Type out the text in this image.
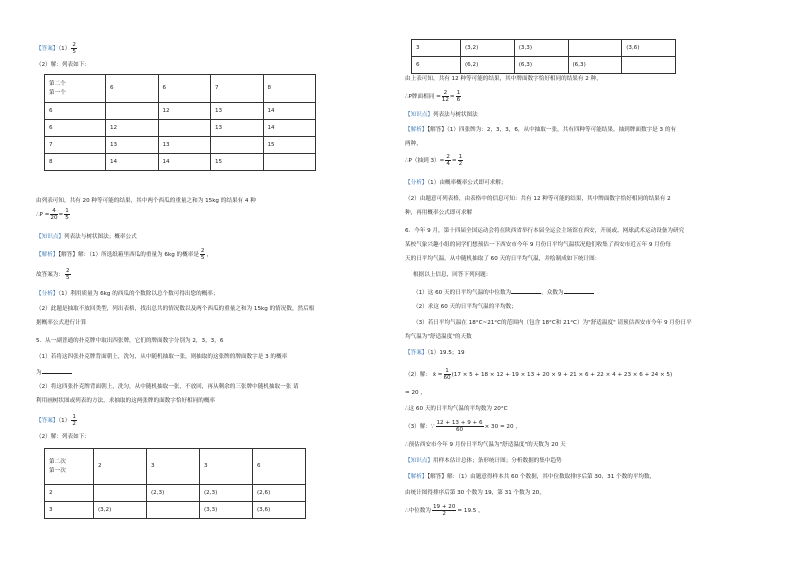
【答案】$(1) \frac{2}{5}$
（2）解：列表如下：
第二个
第一个	6	6	7	8
6		12	13	14
6	12		13	14
7	13	13		15
8	14	14	15	
由列表可知，共有 20 种等可能的结果，其中两个西瓜的重量之和为 15kg 的结果有 4 种
∴P = $\frac{4}{20} = \frac{1}{5}$
【知识点】列表法与树状图法；概率公式
【解析】【解答】解：（1）所选纸箱里西瓜的重量为 6kg 的概率是 $\frac{2}{5}$ ，
故答案为： $\frac{2}{5}$
【分析】（1）利用质量为 6kg 的西瓜的个数除以总个数可得出您的概率；
（2）此题是抽取不放回类型，列出表格，找出总共的情况数以及两个西瓜的重量之和为 15kg 的情况数，然后根
据概率公式进行计算
5．从一副普通的扑克牌中取出四张牌，它们的牌面数字分别为 2，3，3，6
（1）若将这四张扑克牌背面朝上，洗匀，从中随机抽取一张，则抽取的这张牌的牌面数字是 3 的概率
为
（2）将这四张扑克牌背面朝上，洗匀，从中随机抽取一张，不放回，再从剩余的三张牌中随机抽取一张 请
利用画树状图或列表的方法，求抽取的这两张牌的面数字恰好相同的概率
【答案】$(1) \frac{1}{2}$
（2）解：列表如下：
第二次
第一次	2	3	3	6
2		(2,3)	(2,3)	(2,6)
3	(3,2)		(3,3)	(3,6)
3	(3,2)	(3,3)		(3,6)
6	(6,2)	(6,3)	(6,3)	
由上表可知，共有 12 种等可能的结果，其中牌面数字恰好相同的结果有 2 种，
∴P牌面相同 = $\frac{2}{12} = \frac{1}{6}$
【知识点】列表法与树状图法
【解析】【解答】（1）四张牌为：2，3，3，6，从中抽取一张，共有四种等可能结果，抽到牌面数字是 3 的有
两种，
∴P（抽到 $3)= \frac{2}{4} = \frac{1}{2}$
【分析】（1）由概率概率公式即可求解；
（2）由题意可列表格，由表格中的信息可知：共有 12 种等可能的结果，其中牌面数字恰好相同的结果有 2
种，再用概率公式即可求解
6．今年 9 月，第十四届全国运动会将在陕西省举行本届全运会主场馆在西安，开展或、网球武术运动设备为研究
某校气象兴趣小组的同学们想预估一下西安市今年 9 月份日平均气温状况他们收集了西安市近五年 9 月份每
天的日平均气温，从中随机抽取了 60 天的日平均气温，并绘制成如下统计图：
根据以上信息，回答下列问题：
（1）这 60 天的日平均气温的中位数为	，众数为
（2）求这 60 天的日平均气温的平均数；
（3）若日平均气温在 18°C~21°C的范围内（包含 18°C和 21°C）为"舒适温度" 请预估西安市今年 9 月份日平
均气温为"舒适温度"的天数
【答案】（1）19.5；19
（2）解： x̄ = $\frac{1}{60} (17 \times 5 + 18 \times 12 + 19 \times 13 + 20 \times 9 + 21 \times 6 + 22 \times 4 + 23 \times 6 + 24 \times 5)$
= 20 ，
∴这 60 天的日平均气温的平均数为 20°C
（3）解：∵ $\frac{12 + 13 + 9 + 6}{60} \times 30 = 20$ ，
∴预估西安市今年 9 月份日平均气温为"舒适温度"的天数为 20 天
【知识点】用样本估计总体；条形统计图；分析数据的集中趋势
【解析】【解答】解：（1）由题意得样本共 60 个数据，其中位数取排序后第 30、31 个数的平均数，
由统计图得排序后第 30 个数为 19，第 31 个数为 20，
∴中位数为 $\frac{19 + 20}{2} = 19.5$ ，
